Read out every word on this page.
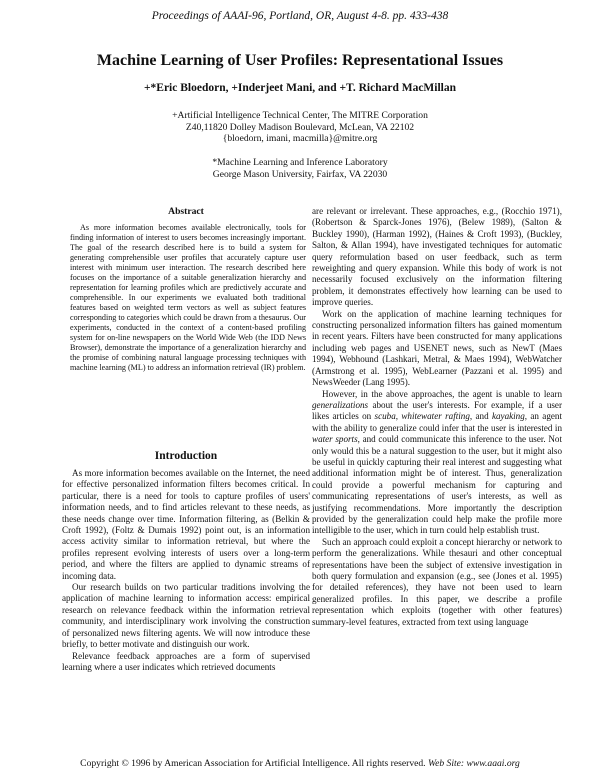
Proceedings of AAAI-96, Portland, OR, August 4-8. pp. 433-438
Machine Learning of User Profiles: Representational Issues
+*Eric Bloedorn, +Inderjeet Mani, and +T. Richard MacMillan
+Artificial Intelligence Technical Center, The MITRE Corporation
Z40,11820 Dolley Madison Boulevard, McLean, VA 22102
{bloedorn, imani, macmilla}@mitre.org
*Machine Learning and Inference Laboratory
George Mason University, Fairfax, VA 22030
Abstract

As more information becomes available electronically, tools for finding information of interest to users becomes increasingly important. The goal of the research described here is to build a system for generating comprehensible user profiles that accurately capture user interest with minimum user interaction. The research described here focuses on the importance of a suitable generalization hierarchy and representation for learning profiles which are predictively accurate and comprehensible. In our experiments we evaluated both traditional features based on weighted term vectors as well as subject features corresponding to categories which could be drawn from a thesaurus. Our experiments, conducted in the context of a content-based profiling system for on-line newspapers on the World Wide Web (the IDD News Browser), demonstrate the importance of a generalization hierarchy and the promise of combining natural language processing techniques with machine learning (ML) to address an information retrieval (IR) problem.

Introduction

As more information becomes available on the Internet, the need for effective personalized information filters becomes critical. In particular, there is a need for tools to capture profiles of users' information needs, and to find articles relevant to these needs, as these needs change over time. Information filtering, as (Belkin & Croft 1992), (Foltz & Dumais 1992) point out, is an information access activity similar to information retrieval, but where the profiles represent evolving interests of users over a long-term period, and where the filters are applied to dynamic streams of incoming data.

Our research builds on two particular traditions involving the application of machine learning to information access: empirical research on relevance feedback within the information retrieval community, and interdisciplinary work involving the construction of personalized news filtering agents. We will now introduce these briefly, to better motivate and distinguish our work.

Relevance feedback approaches are a form of supervised learning where a user indicates which retrieved documents

are relevant or irrelevant. These approaches, e.g., (Rocchio 1971), (Robertson & Sparck-Jones 1976), (Belew 1989), (Salton & Buckley 1990), (Harman 1992), (Haines & Croft 1993), (Buckley, Salton, & Allan 1994), have investigated techniques for automatic query reformulation based on user feedback, such as term reweighting and query expansion. While this body of work is not necessarily focused exclusively on the information filtering problem, it demonstrates effectively how learning can be used to improve queries.

Work on the application of machine learning techniques for constructing personalized information filters has gained momentum in recent years. Filters have been constructed for many applications including web pages and USENET news, such as NewT (Maes 1994), Webhound (Lashkari, Metral, & Maes 1994), WebWatcher (Armstrong et al. 1995), WebLearner (Pazzani et al. 1995) and NewsWeeder (Lang 1995).

However, in the above approaches, the agent is unable to learn generalizations about the user's interests. For example, if a user likes articles on scuba, whitewater rafting, and kayaking, an agent with the ability to generalize could infer that the user is interested in water sports, and could communicate this inference to the user. Not only would this be a natural suggestion to the user, but it might also be useful in quickly capturing their real interest and suggesting what additional information might be of interest. Thus, generalization could provide a powerful mechanism for capturing and communicating representations of user's interests, as well as justifying recommendations. More importantly the description provided by the generalization could help make the profile more intelligible to the user, which in turn could help establish trust.

Such an approach could exploit a concept hierarchy or network to perform the generalizations. While thesauri and other conceptual representations have been the subject of extensive investigation in both query formulation and expansion (e.g., see (Jones et al. 1995) for detailed references), they have not been used to learn generalized profiles. In this paper, we describe a profile representation which exploits (together with other features) summary-level features, extracted from text using language

Copyright © 1996 by American Association for Artificial Intelligence. All rights reserved. Web Site: www.aaai.org
